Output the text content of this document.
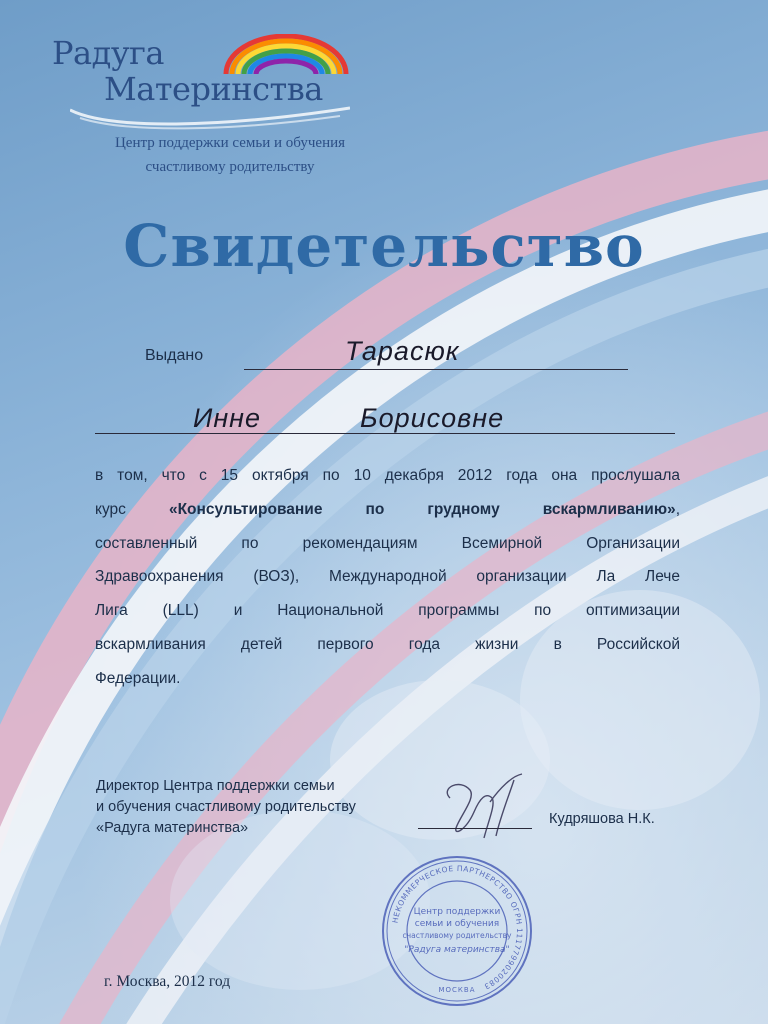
Радуга
Материнства
Центр поддержки семьи и обучения
счастливому родительству
Свидетельство
Выдано	Тарасюк
Инне	Борисовне

в том, что с 15 октября по 10 декабря 2012 года она прослушала

курс	«Консультирование по грудному вскармливанию»,

составленный по рекомендациям Всемирной Организации

Здравоохранения (ВОЗ), Международной организации Ла Лече

Лига (LLL) и Национальной программы по оптимизации

вскармливания детей первого года жизни в Российской

Федерации.

Директор Центра поддержки семьи
и обучения счастливому родительству
«Радуга материнства»
Кудряшова Н.К.
НЕКОММЕРЧЕСКОЕ ПАРТНЕРСТВО ОГРН 1117799020083
Центр поддержки
семьи и обучения
счастливому родительству
"Радуга материнства"
МОСКВА
г. Москва, 2012 год
